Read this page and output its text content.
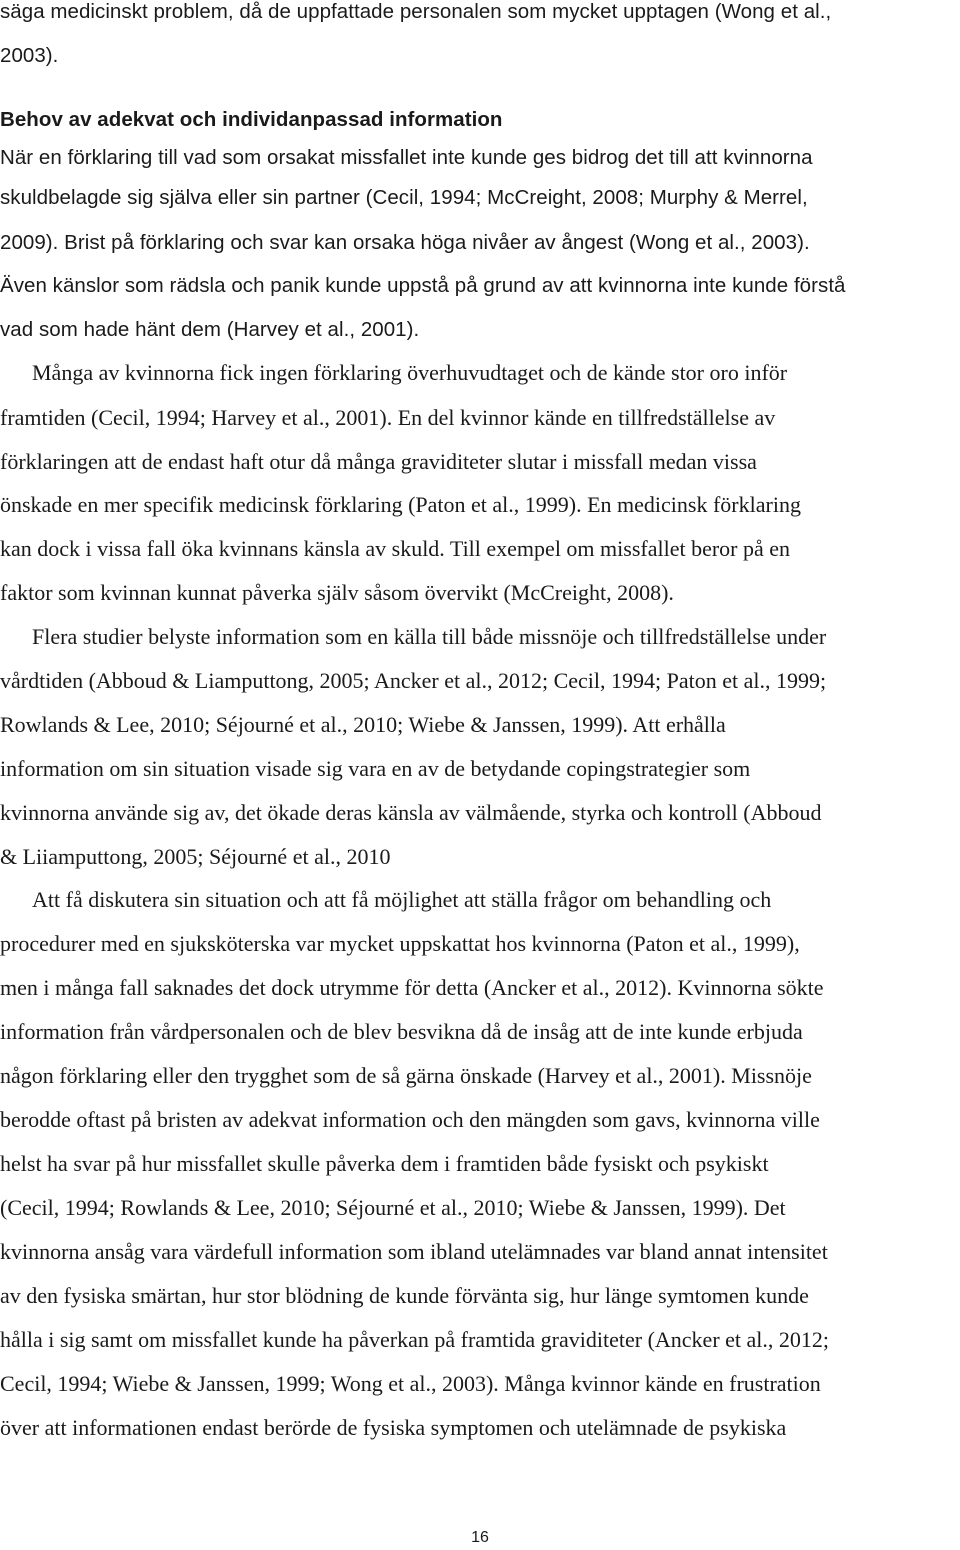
säga medicinskt problem, då de uppfattade personalen som mycket upptagen (Wong et al.,
2003).
Behov av adekvat och individanpassad information
När en förklaring till vad som orsakat missfallet inte kunde ges bidrog det till att kvinnorna
skuldbelagde sig själva eller sin partner (Cecil, 1994; McCreight, 2008; Murphy & Merrel,
2009). Brist på förklaring och svar kan orsaka höga nivåer av ångest (Wong et al., 2003).
Även känslor som rädsla och panik kunde uppstå på grund av att kvinnorna inte kunde förstå
vad som hade hänt dem (Harvey et al., 2001).
Många av kvinnorna fick ingen förklaring överhuvudtaget och de kände stor oro inför
framtiden (Cecil, 1994; Harvey et al., 2001). En del kvinnor kände en tillfredställelse av
förklaringen att de endast haft otur då många graviditeter slutar i missfall medan vissa
önskade en mer specifik medicinsk förklaring (Paton et al., 1999). En medicinsk förklaring
kan dock i vissa fall öka kvinnans känsla av skuld. Till exempel om missfallet beror på en
faktor som kvinnan kunnat påverka själv såsom övervikt (McCreight, 2008).
Flera studier belyste information som en källa till både missnöje och tillfredställelse under
vårdtiden (Abboud & Liamputtong, 2005; Ancker et al., 2012; Cecil, 1994; Paton et al., 1999;
Rowlands & Lee, 2010; Séjourné et al., 2010; Wiebe & Janssen, 1999). Att erhålla
information om sin situation visade sig vara en av de betydande copingstrategier som
kvinnorna använde sig av, det ökade deras känsla av välmående, styrka och kontroll (Abboud
& Liiamputtong, 2005; Séjourné et al., 2010
Att få diskutera sin situation och att få möjlighet att ställa frågor om behandling och
procedurer med en sjuksköterska var mycket uppskattat hos kvinnorna (Paton et al., 1999),
men i många fall saknades det dock utrymme för detta (Ancker et al., 2012). Kvinnorna sökte
information från vårdpersonalen och de blev besvikna då de insåg att de inte kunde erbjuda
någon förklaring eller den trygghet som de så gärna önskade (Harvey et al., 2001). Missnöje
berodde oftast på bristen av adekvat information och den mängden som gavs, kvinnorna ville
helst ha svar på hur missfallet skulle påverka dem i framtiden både fysiskt och psykiskt
(Cecil, 1994; Rowlands & Lee, 2010; Séjourné et al., 2010; Wiebe & Janssen, 1999). Det
kvinnorna ansåg vara värdefull information som ibland utelämnades var bland annat intensitet
av den fysiska smärtan, hur stor blödning de kunde förvänta sig, hur länge symtomen kunde
hålla i sig samt om missfallet kunde ha påverkan på framtida graviditeter (Ancker et al., 2012;
Cecil, 1994; Wiebe & Janssen, 1999; Wong et al., 2003). Många kvinnor kände en frustration
över att informationen endast berörde de fysiska symptomen och utelämnade de psykiska
16
